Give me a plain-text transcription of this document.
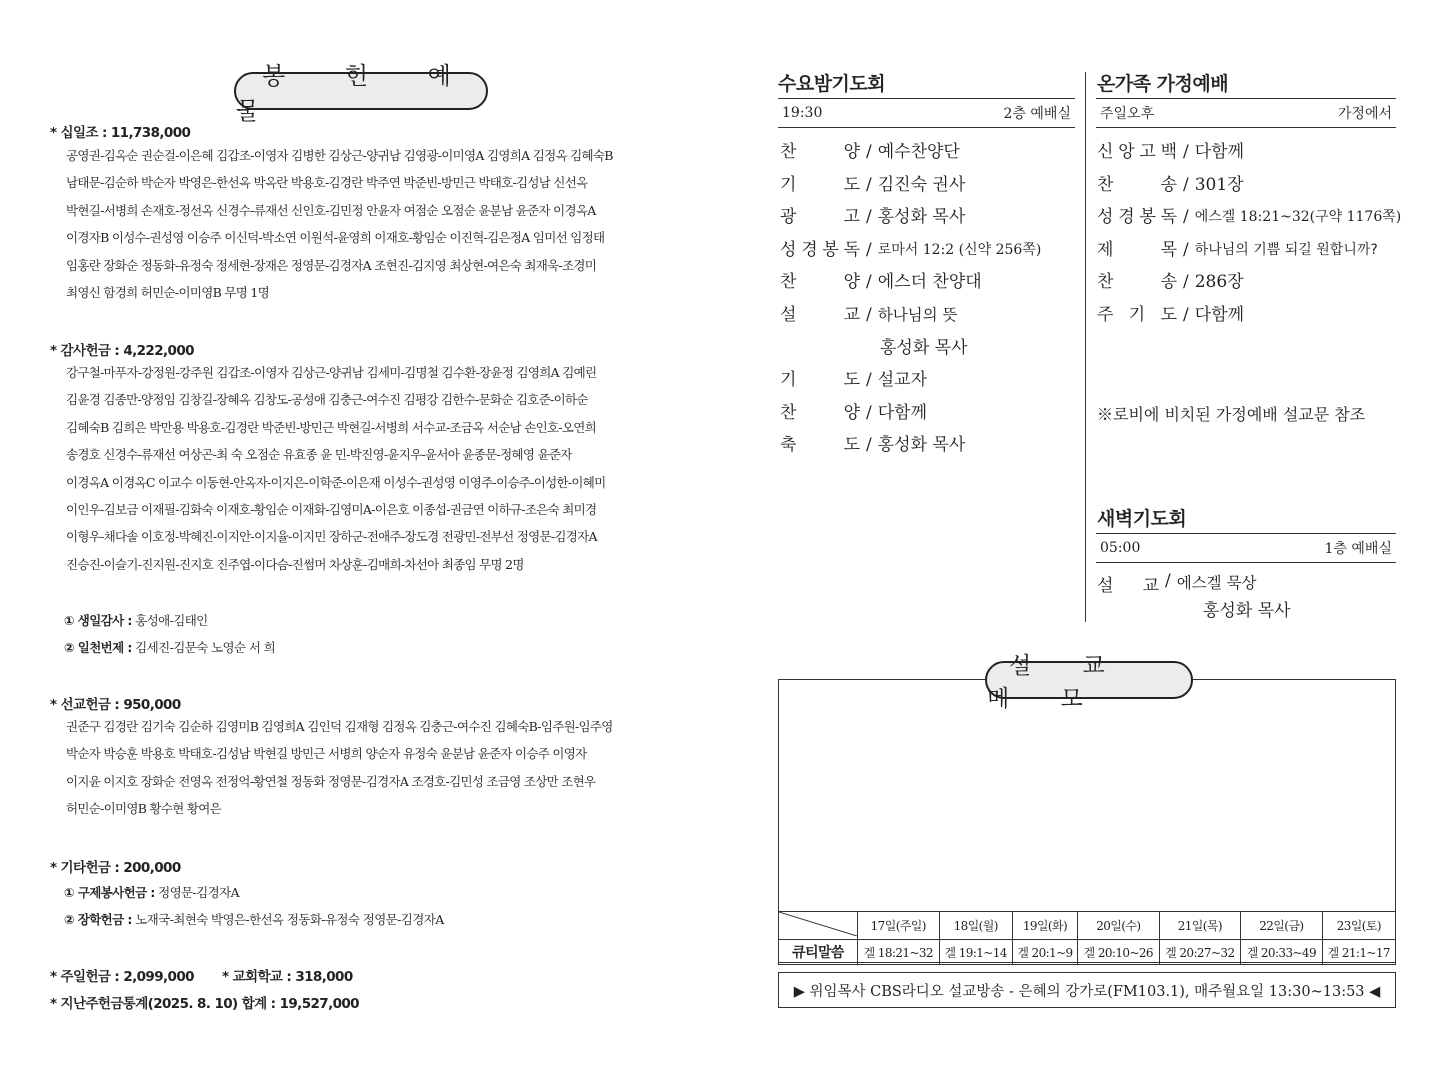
봉 헌 예 물
* 십일조 : 11,738,000
공영권-김옥순 권순걸-이은혜 김갑조-이영자 김병한 김상근-양귀남 김영광-이미영A 김영희A 김정옥 김혜숙B
남태문-김순하 박순자 박영은-한선옥 박옥란 박용호-김경란 박주연 박준빈-방민근 박태호-김성남 신선옥
박현길-서병희 손재호-정선옥 신경수-류재선 신인호-김민정 안윤자 여점순 오점순 윤분남 윤준자 이경옥A
이경자B 이성수-권성영 이승주 이신덕-박소연 이원석-윤영희 이재호-황임순 이진혁-김은정A 임미선 임정태
임홍란 장화순 정동화-유정숙 정세현-장재은 정영문-김경자A 조현진-김지영 최상현-여은숙 최재욱-조경미
최영신 함경희 허민순-이미영B 무명 1명
* 감사헌금 : 4,222,000
강구철-마푸자-강정원-강주원 김갑조-이영자 김상근-양귀남 김세미-김명철 김수환-장윤정 김영희A 김예린
김윤경 김종만-양정임 김창길-장혜옥 김창도-공성애 김충근-여수진 김평강 김한수-문화순 김호준-이하순
김혜숙B 김희은 박만용 박용호-김경란 박준빈-방민근 박현길-서병희 서수교-조금옥 서순남 손인호-오연희
송경호 신경수-류재선 여상곤-최 숙 오점순 유효종 윤 민-박진영-윤지우-윤서아 윤종문-정혜영 윤준자
이경옥A 이경옥C 이교수 이동현-안옥자-이지은-이학준-이은재 이성수-권성영 이영주-이승주-이성한-이혜미
이인우-김보금 이재필-김화숙 이재호-황임순 이재화-김영미A-이은호 이종섭-권금연 이하규-조은숙 최미경
이형우-채다솔 이호정-박혜진-이지안-이지율-이지민 장하군-전애주-장도경 전광민-전부선 정영문-김경자A
진승진-이슬기-진지원-진지호 진주엽-이다슴-진썸머 차상훈-김매희-차선아 최종임 무명 2명
① 생일감사 : 홍성애-김태인
② 일천번제 : 김세진-김문숙 노영순 서 희
* 선교헌금 : 950,000
권준구 김경란 김기숙 김순하 김영미B 김영희A 김인덕 김재형 김정옥 김충근-여수진 김혜숙B-임주원-임주영
박순자 박승훈 박용호 박태호-김성남 박현길 방민근 서병희 양순자 유정숙 윤분남 윤준자 이승주 이영자
이지윤 이지호 장화순 전영옥 전정억-황연철 정동화 정영문-김경자A 조경호-김민성 조금영 조상만 조현우
허민순-이미영B 황수현 황여은
* 기타헌금 : 200,000
① 구제봉사헌금 : 정영문-김경자A
② 장학헌금 : 노재국-최현숙 박영은-한선옥 정동화-유정숙 정영문-김경자A
* 주일헌금 : 2,099,000 * 교회학교 : 318,000
* 지난주헌금통계(2025. 8. 10) 합계 : 19,527,000
수요밤기도회
19:30	2층 예배실
찬	양 / 예수찬양단
기	도 / 김진숙 권사
광	고 / 홍성화 목사
성 경 봉 독 / 로마서 12:2 (신약 256쪽)
찬	양 / 에스더 찬양대
설	교 / 하나님의 뜻
홍성화 목사
기	도 / 설교자
찬	양 / 다함께
축	도 / 홍성화 목사
온가족 가정예배
주일오후	가정에서
신 앙 고 백 / 다함께
찬	송 / 301장
성 경 봉 독 / 에스겔 18:21~32(구약 1176쪽)
제	목 / 하나님의 기쁨 되길 원합니까?
찬	송 / 286장
주 기 도 / 다함께
※로비에 비치된 가정예배 설교문 참조
새벽기도회
05:00	1층 예배실
설 교 / 에스겔 묵상
홍성화 목사
설 교 메 모
	17일(주일)	18일(월)	19일(화)	20일(수)	21일(목)	22일(금)	23일(토)
큐티말씀	겔 18:21~32	겔 19:1~14	겔 20:1~9	겔 20:10~26	겔 20:27~32	겔 20:33~49	겔 21:1~17
▶ 위임목사 CBS라디오 설교방송 - 은혜의 강가로(FM103.1), 매주월요일 13:30~13:53 ◀
